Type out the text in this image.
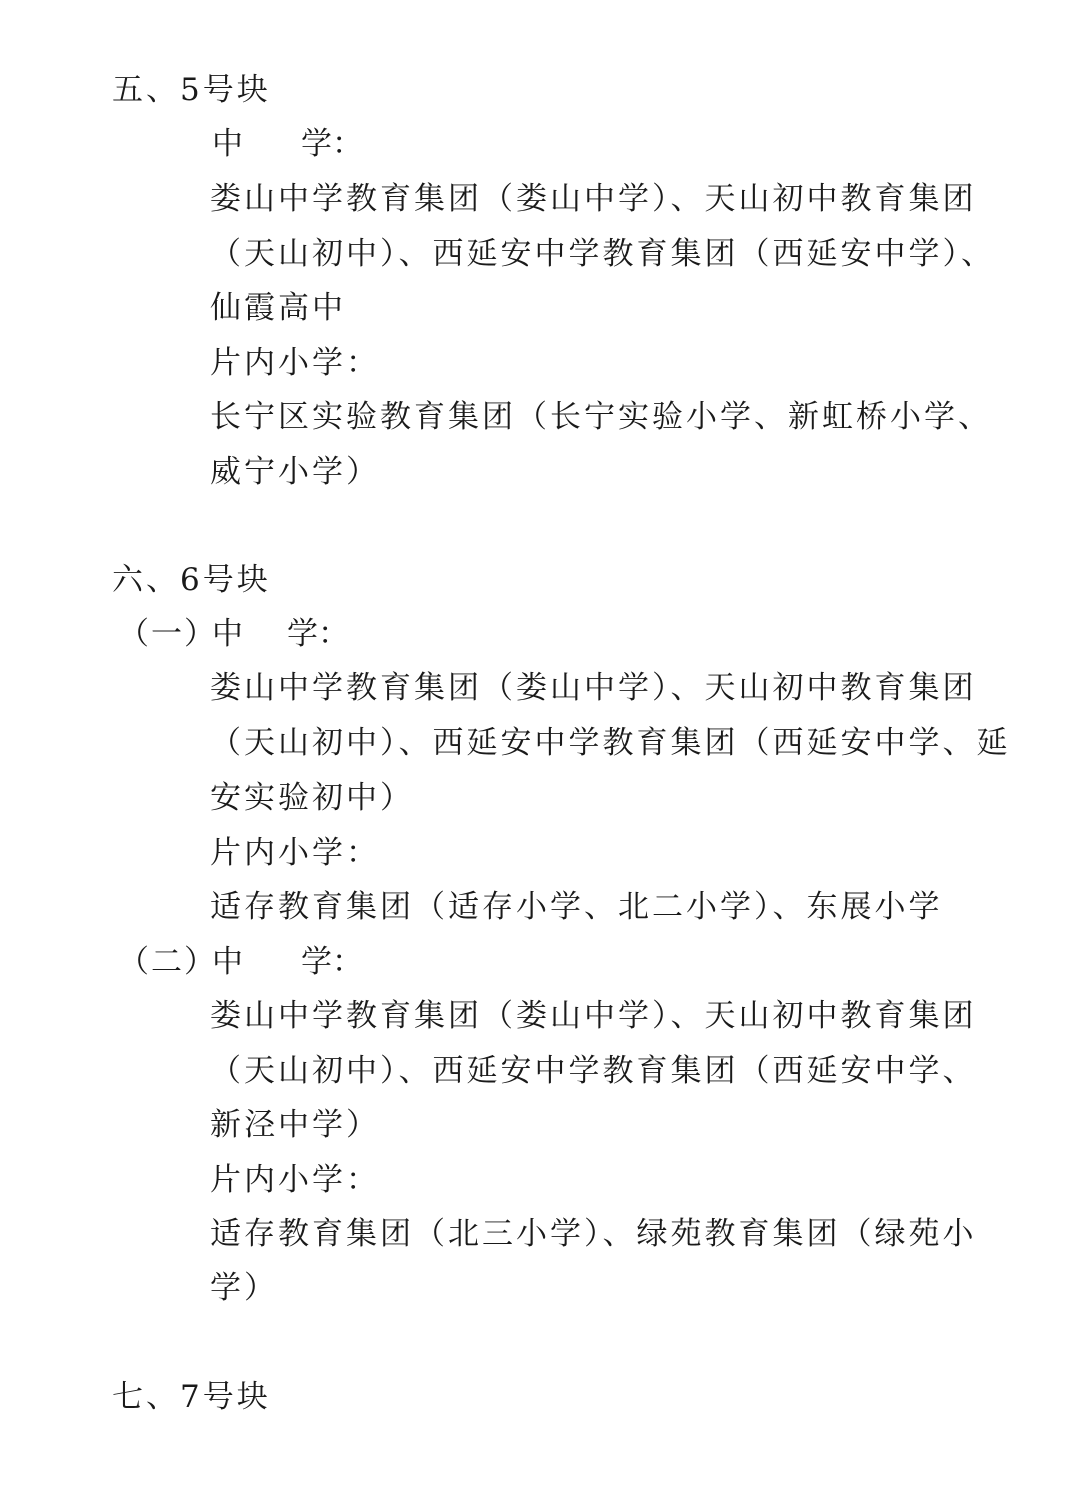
五、5号块
中 学：
娄山中学教育集团（娄山中学）、天山初中教育集团
（天山初中）、西延安中学教育集团（西延安中学）、
仙霞高中
片内小学：
长宁区实验教育集团（长宁实验小学、新虹桥小学、
威宁小学）
六、6号块
（一）
中 学：
娄山中学教育集团（娄山中学）、天山初中教育集团
（天山初中）、西延安中学教育集团（西延安中学、延
安实验初中）
片内小学：
适存教育集团（适存小学、北二小学）、东展小学
（二）
中 学：
娄山中学教育集团（娄山中学）、天山初中教育集团
（天山初中）、西延安中学教育集团（西延安中学、
新泾中学）
片内小学：
适存教育集团（北三小学）、绿苑教育集团（绿苑小
学）
七、7号块
